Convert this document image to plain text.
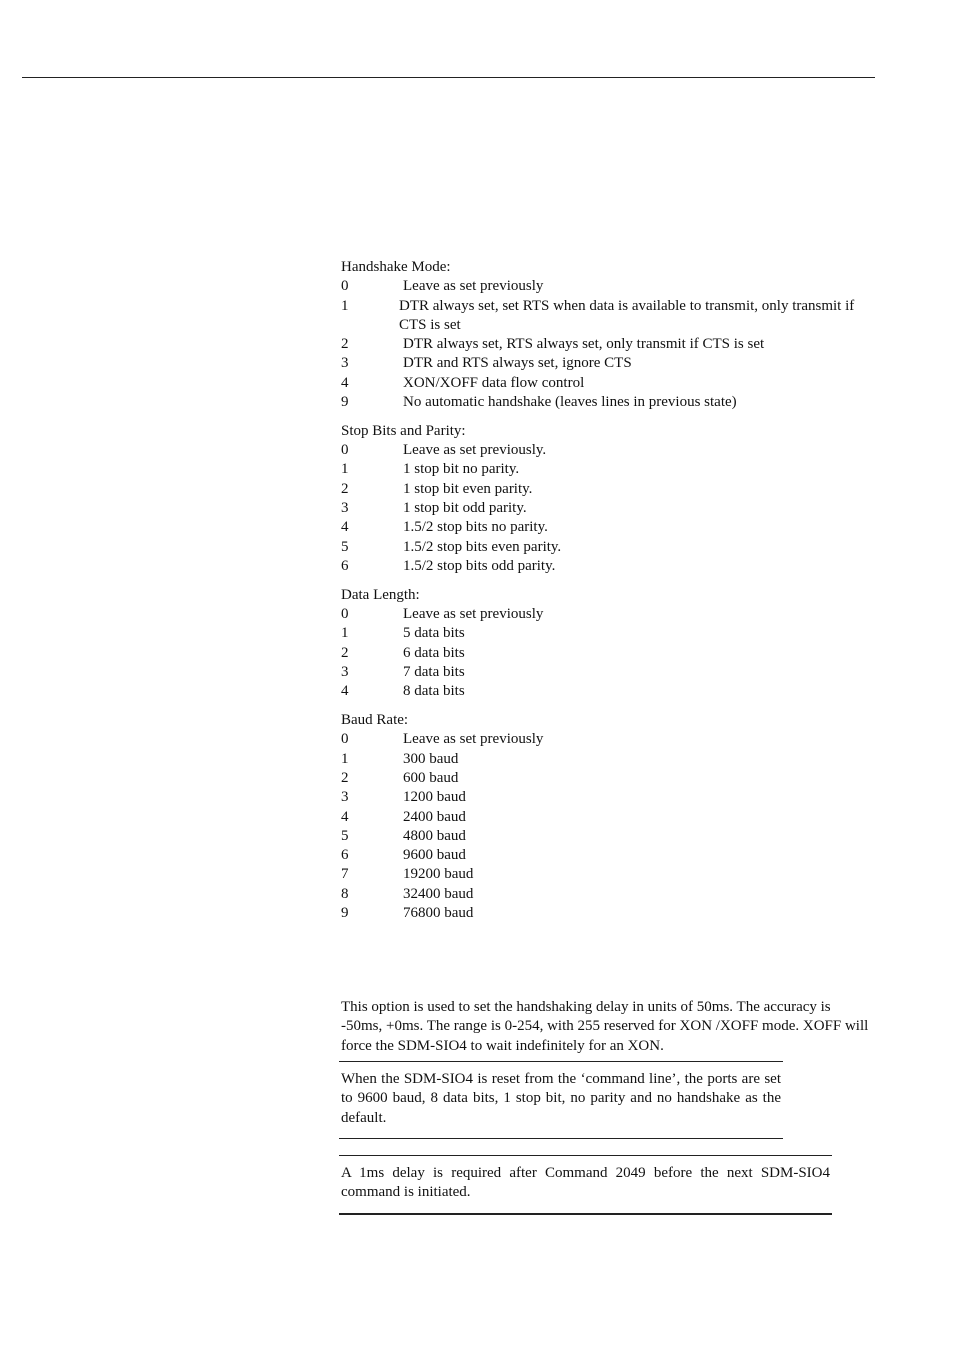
Handshake Mode:
0	Leave as set previously
1	DTR always set, set RTS when data is available to transmit, only transmit if CTS is set
2	DTR always set, RTS always set, only transmit if CTS is set
3	DTR and RTS always set, ignore CTS
4	XON/XOFF data flow control
9	No automatic handshake (leaves lines in previous state)
Stop Bits and Parity:
0	Leave as set previously.
1	1 stop bit no parity.
2	1 stop bit even parity.
3	1 stop bit odd parity.
4	1.5/2 stop bits no parity.
5	1.5/2 stop bits even parity.
6	1.5/2 stop bits odd parity.
Data Length:
0	Leave as set previously
1	5 data bits
2	6 data bits
3	7 data bits
4	8 data bits
Baud Rate:
0	Leave as set previously
1	300 baud
2	600 baud
3	1200 baud
4	2400 baud
5	4800 baud
6	9600 baud
7	19200 baud
8	32400 baud
9	76800 baud

This option is used to set the handshaking delay in units of 50ms. The accuracy is -50ms, +0ms. The range is 0-254, with 255 reserved for XON /XOFF mode. XOFF will force the SDM-SIO4 to wait indefinitely for an XON.

When the SDM-SIO4 is reset from the ‘command line’, the ports are set to 9600 baud, 8 data bits, 1 stop bit, no parity and no handshake as the default.

A 1ms delay is required after Command 2049 before the next SDM-SIO4 command is initiated.
